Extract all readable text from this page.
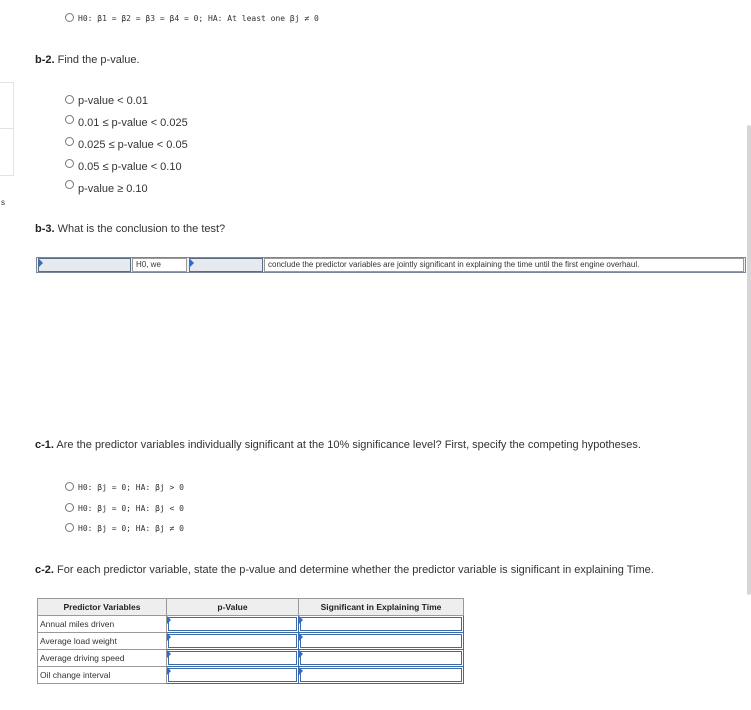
H0: β1 = β2 = β3 = β4 = 0; HA: At least one βj ≠ 0
s
b-2. Find the p-value.
p-value < 0.01
0.01 ≤ p-value < 0.025
0.025 ≤ p-value < 0.05
0.05 ≤ p-value < 0.10
p-value ≥ 0.10
b-3. What is the conclusion to the test?
H0, we	conclude the predictor variables are jointly significant in explaining the time until the first engine overhaul.
c-1. Are the predictor variables individually significant at the 10% significance level? First, specify the competing hypotheses.
H0: βj = 0; HA: βj > 0
H0: βj = 0; HA: βj < 0
H0: βj = 0; HA: βj ≠ 0
c-2. For each predictor variable, state the p-value and determine whether the predictor variable is significant in explaining Time.
Predictor Variables	p-Value	Significant in Explaining Time
Annual miles driven	

Average load weight	

Average driving speed	

Oil change interval	
